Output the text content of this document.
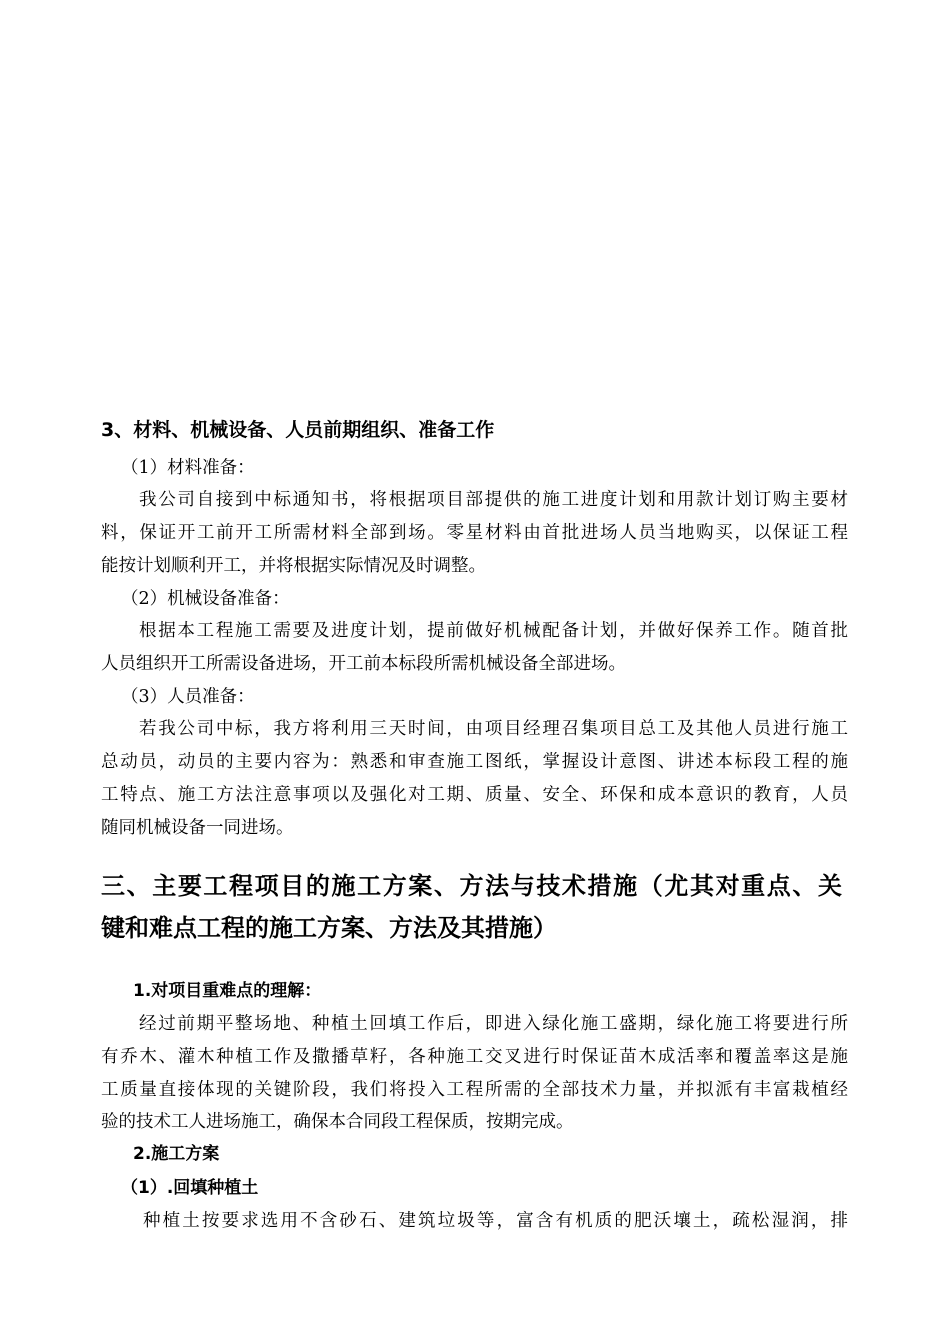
3、材料、机械设备、人员前期组织、准备工作
（1）材料准备：
我公司自接到中标通知书，将根据项目部提供的施工进度计划和用款计划订购主要材
料，保证开工前开工所需材料全部到场。零星材料由首批进场人员当地购买，以保证工程
能按计划顺利开工，并将根据实际情况及时调整。
（2）机械设备准备：
根据本工程施工需要及进度计划，提前做好机械配备计划，并做好保养工作。随首批
人员组织开工所需设备进场，开工前本标段所需机械设备全部进场。
（3）人员准备：
若我公司中标，我方将利用三天时间，由项目经理召集项目总工及其他人员进行施工
总动员，动员的主要内容为：熟悉和审查施工图纸，掌握设计意图、讲述本标段工程的施
工特点、施工方法注意事项以及强化对工期、质量、安全、环保和成本意识的教育，人员
随同机械设备一同进场。
三、主要工程项目的施工方案、方法与技术措施（尤其对重点、关
键和难点工程的施工方案、方法及其措施）
1.对项目重难点的理解：
经过前期平整场地、种植土回填工作后，即进入绿化施工盛期，绿化施工将要进行所
有乔木、灌木种植工作及撒播草籽，各种施工交叉进行时保证苗木成活率和覆盖率这是施
工质量直接体现的关键阶段，我们将投入工程所需的全部技术力量，并拟派有丰富栽植经
验的技术工人进场施工，确保本合同段工程保质，按期完成。
2.施工方案
（1）.回填种植土
种植土按要求选用不含砂石、建筑垃圾等，富含有机质的肥沃壤土，疏松湿润，排
